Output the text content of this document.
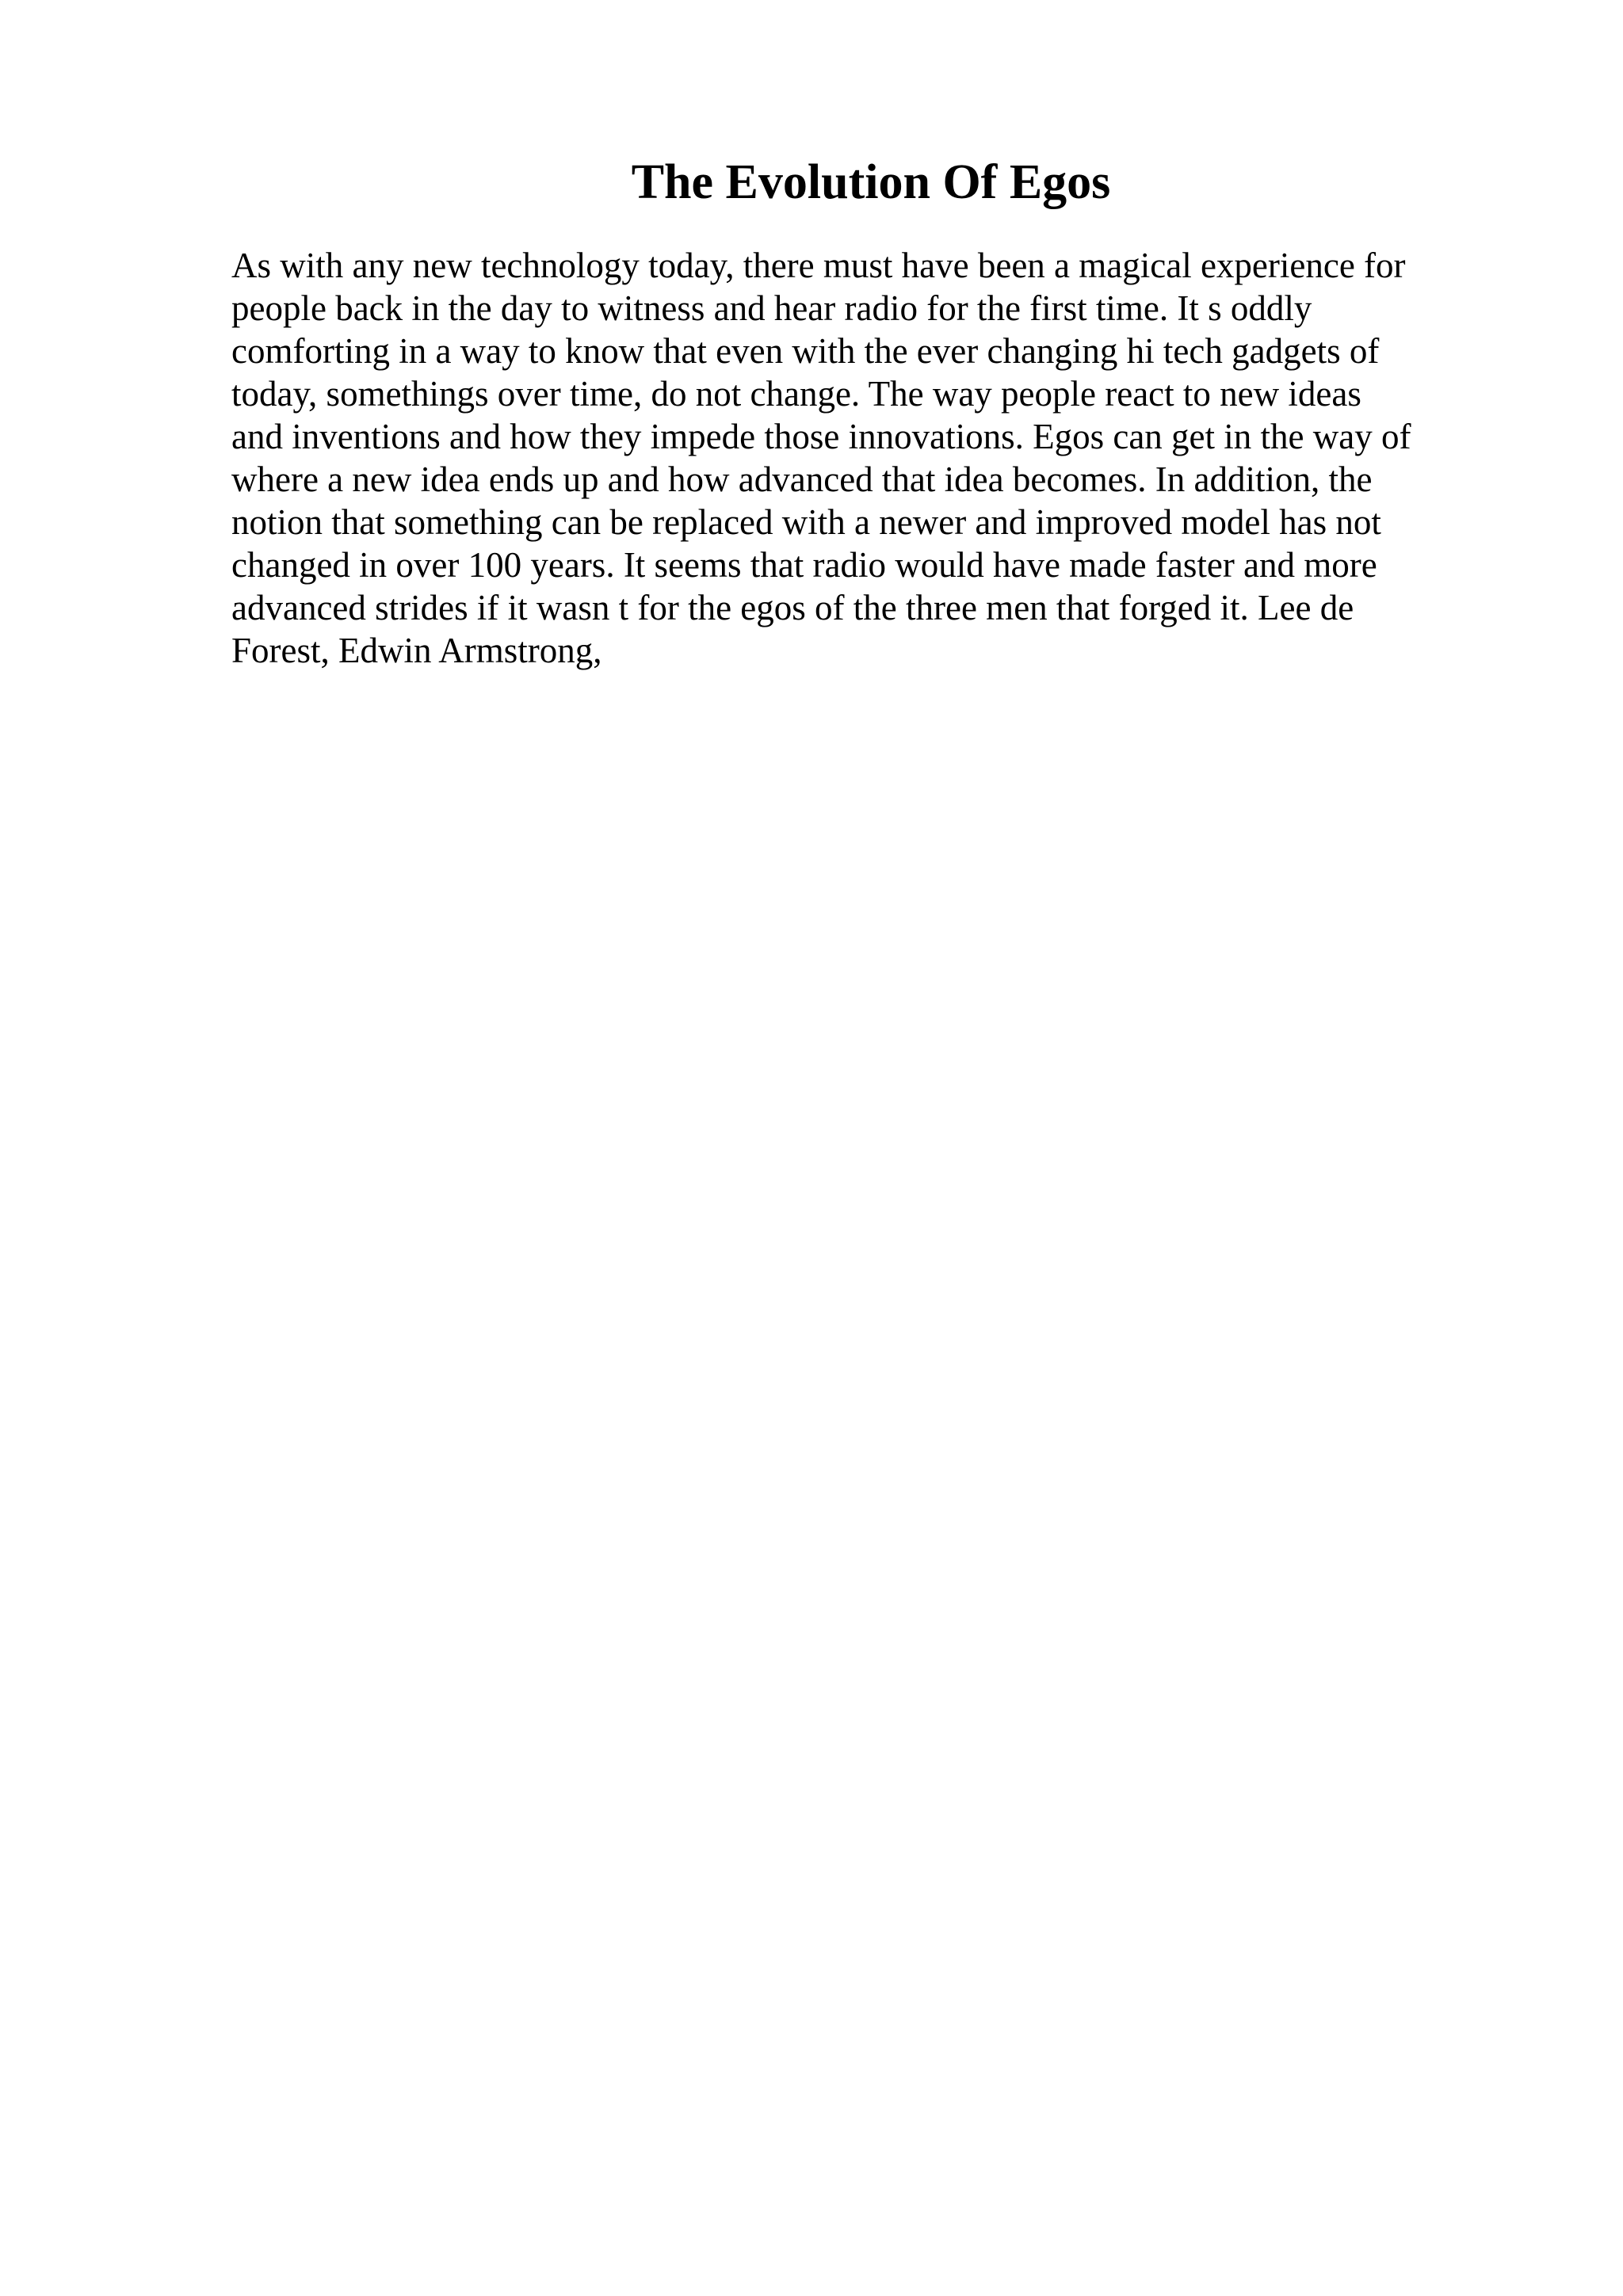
The Evolution Of Egos
As with any new technology today, there must have been a magical experience for
people back in the day to witness and hear radio for the first time. It s oddly
comforting in a way to know that even with the ever changing hi tech gadgets of
today, somethings over time, do not change. The way people react to new ideas
and inventions and how they impede those innovations. Egos can get in the way of
where a new idea ends up and how advanced that idea becomes. In addition, the
notion that something can be replaced with a newer and improved model has not
changed in over 100 years. It seems that radio would have made faster and more
advanced strides if it wasn t for the egos of the three men that forged it. Lee de
Forest, Edwin Armstrong,
